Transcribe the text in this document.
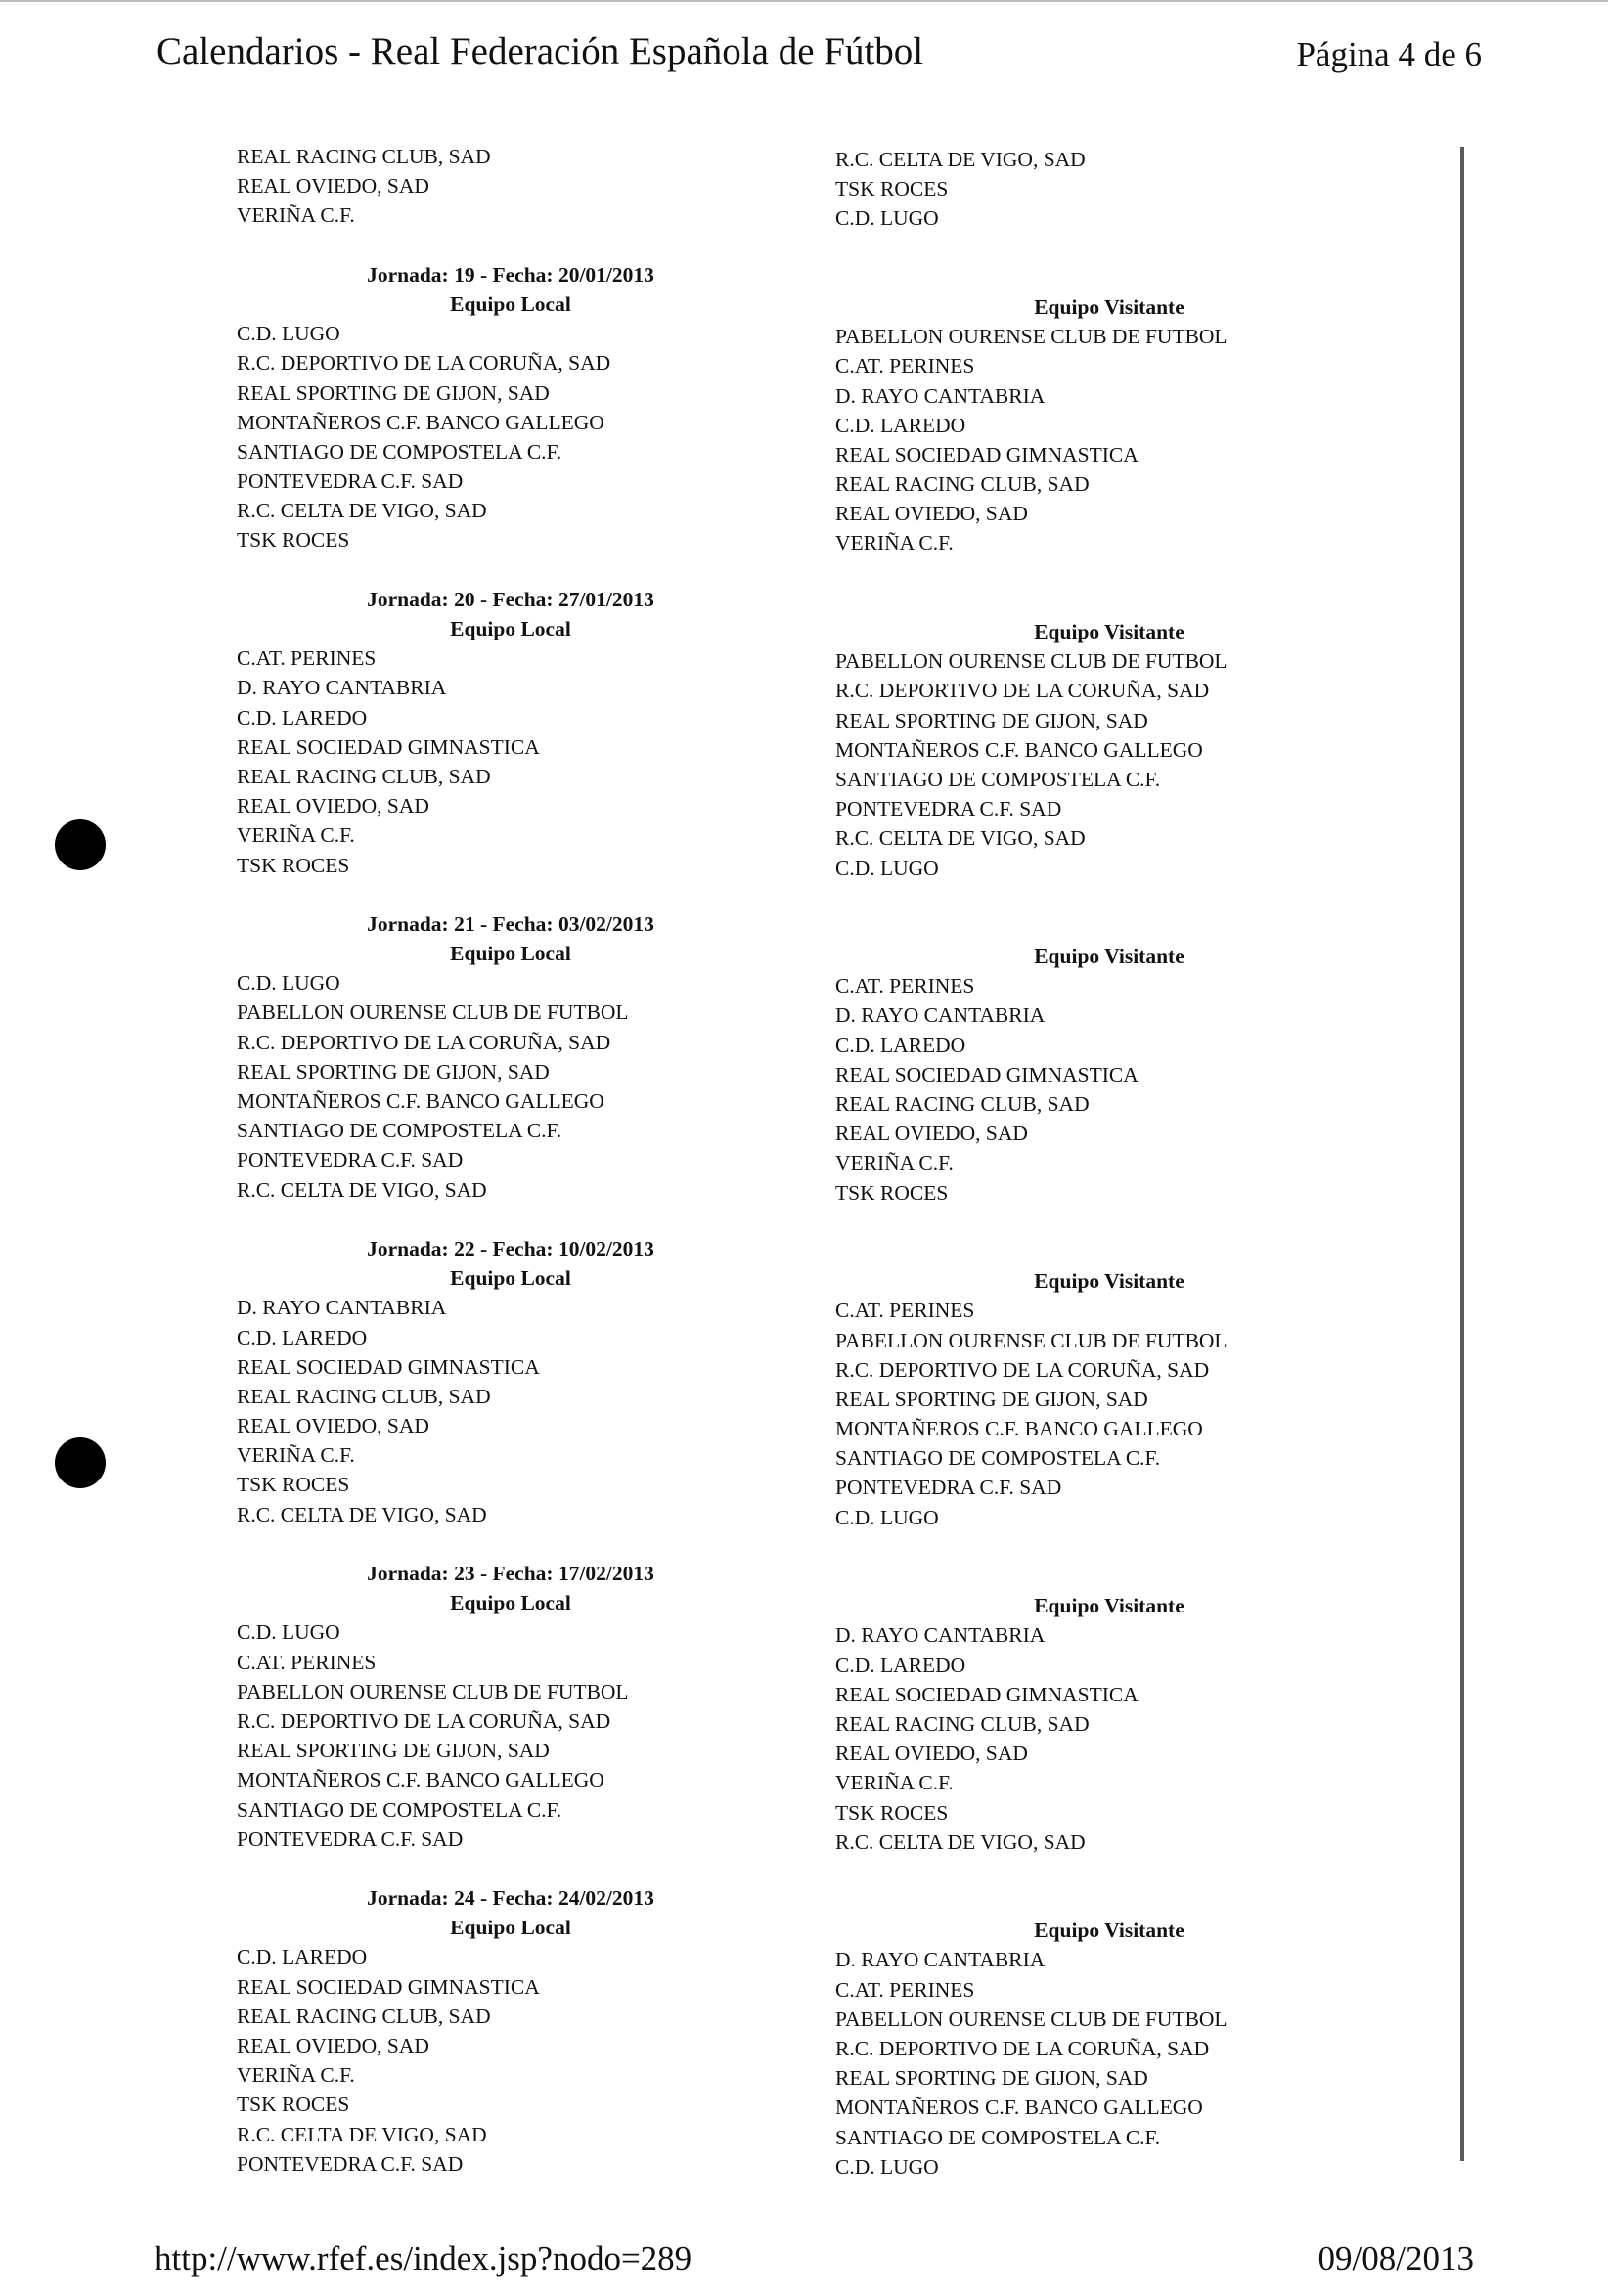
Calendarios - Real Federación Española de Fútbol	Página 4 de 6
REAL RACING CLUB, SAD
REAL OVIEDO, SAD
VERIÑA C.F.
Jornada: 19 - Fecha: 20/01/2013
Equipo Local
C.D. LUGO
R.C. DEPORTIVO DE LA CORUÑA, SAD
REAL SPORTING DE GIJON, SAD
MONTAÑEROS C.F. BANCO GALLEGO
SANTIAGO DE COMPOSTELA C.F.
PONTEVEDRA C.F. SAD
R.C. CELTA DE VIGO, SAD
TSK ROCES
Jornada: 20 - Fecha: 27/01/2013
Equipo Local
C.AT. PERINES
D. RAYO CANTABRIA
C.D. LAREDO
REAL SOCIEDAD GIMNASTICA
REAL RACING CLUB, SAD
REAL OVIEDO, SAD
VERIÑA C.F.
TSK ROCES
Jornada: 21 - Fecha: 03/02/2013
Equipo Local
C.D. LUGO
PABELLON OURENSE CLUB DE FUTBOL
R.C. DEPORTIVO DE LA CORUÑA, SAD
REAL SPORTING DE GIJON, SAD
MONTAÑEROS C.F. BANCO GALLEGO
SANTIAGO DE COMPOSTELA C.F.
PONTEVEDRA C.F. SAD
R.C. CELTA DE VIGO, SAD
Jornada: 22 - Fecha: 10/02/2013
Equipo Local
D. RAYO CANTABRIA
C.D. LAREDO
REAL SOCIEDAD GIMNASTICA
REAL RACING CLUB, SAD
REAL OVIEDO, SAD
VERIÑA C.F.
TSK ROCES
R.C. CELTA DE VIGO, SAD
Jornada: 23 - Fecha: 17/02/2013
Equipo Local
C.D. LUGO
C.AT. PERINES
PABELLON OURENSE CLUB DE FUTBOL
R.C. DEPORTIVO DE LA CORUÑA, SAD
REAL SPORTING DE GIJON, SAD
MONTAÑEROS C.F. BANCO GALLEGO
SANTIAGO DE COMPOSTELA C.F.
PONTEVEDRA C.F. SAD
Jornada: 24 - Fecha: 24/02/2013
Equipo Local
C.D. LAREDO
REAL SOCIEDAD GIMNASTICA
REAL RACING CLUB, SAD
REAL OVIEDO, SAD
VERIÑA C.F.
TSK ROCES
R.C. CELTA DE VIGO, SAD
PONTEVEDRA C.F. SAD
R.C. CELTA DE VIGO, SAD
TSK ROCES
C.D. LUGO
Equipo Visitante
PABELLON OURENSE CLUB DE FUTBOL
C.AT. PERINES
D. RAYO CANTABRIA
C.D. LAREDO
REAL SOCIEDAD GIMNASTICA
REAL RACING CLUB, SAD
REAL OVIEDO, SAD
VERIÑA C.F.
Equipo Visitante
PABELLON OURENSE CLUB DE FUTBOL
R.C. DEPORTIVO DE LA CORUÑA, SAD
REAL SPORTING DE GIJON, SAD
MONTAÑEROS C.F. BANCO GALLEGO
SANTIAGO DE COMPOSTELA C.F.
PONTEVEDRA C.F. SAD
R.C. CELTA DE VIGO, SAD
C.D. LUGO
Equipo Visitante
C.AT. PERINES
D. RAYO CANTABRIA
C.D. LAREDO
REAL SOCIEDAD GIMNASTICA
REAL RACING CLUB, SAD
REAL OVIEDO, SAD
VERIÑA C.F.
TSK ROCES
Equipo Visitante
C.AT. PERINES
PABELLON OURENSE CLUB DE FUTBOL
R.C. DEPORTIVO DE LA CORUÑA, SAD
REAL SPORTING DE GIJON, SAD
MONTAÑEROS C.F. BANCO GALLEGO
SANTIAGO DE COMPOSTELA C.F.
PONTEVEDRA C.F. SAD
C.D. LUGO
Equipo Visitante
D. RAYO CANTABRIA
C.D. LAREDO
REAL SOCIEDAD GIMNASTICA
REAL RACING CLUB, SAD
REAL OVIEDO, SAD
VERIÑA C.F.
TSK ROCES
R.C. CELTA DE VIGO, SAD
Equipo Visitante
D. RAYO CANTABRIA
C.AT. PERINES
PABELLON OURENSE CLUB DE FUTBOL
R.C. DEPORTIVO DE LA CORUÑA, SAD
REAL SPORTING DE GIJON, SAD
MONTAÑEROS C.F. BANCO GALLEGO
SANTIAGO DE COMPOSTELA C.F.
C.D. LUGO
http://www.rfef.es/index.jsp?nodo=289	09/08/2013
